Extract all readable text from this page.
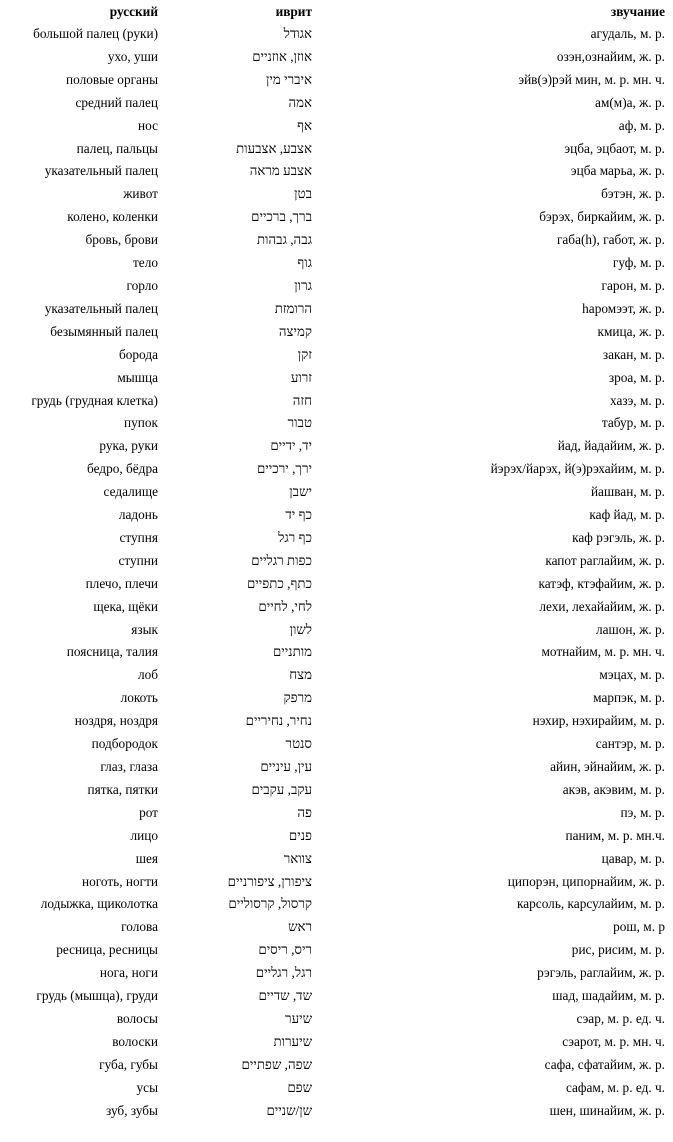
русский	иврит	звучание
большой палец (руки)	אגודל	агудаль, м. р.
ухо, уши	אוזן, אוזניים	озэн,ознайим, ж. р.
половые органы	איברי מין	эйв(э)рэй мин, м. р. мн. ч.
средний палец	אמה	ам(м)а, ж. р.
нос	אף	аф, м. р.
палец, пальцы	אצבע, אצבעות	эцба, эцбаот, м. р.
указательный палец	אצבע מראה	эцба марьа, ж. р.
живот	בטן	бэтэн, ж. р.
колено, коленки	ברך, ברכיים	бэрэх, биркайим, ж. р.
бровь, брови	גבה, גבהות	габа(h), габот, ж. р.
тело	גוף	гуф, м. р.
горло	גרון	гарон, м. р.
указательный палец	הרומזת	hаромээт, ж. р.
безымянный палец	קמיצה	кмица, ж. р.
борода	זקן	закан, м. р.
мышца	זרוע	зроа, м. р.
грудь (грудная клетка)	חזה	хазэ, м. р.
пупок	טבור	табур, м. р.
рука, руки	יד, ידיים	йад, йадайим, ж. р.
бедро, бёдра	ירך, ירכיים	йэрэх/йарэх, й(э)рэхайим, м. р.
седалище	ישבן	йашван, м. р.
ладонь	כף יד	каф йад, м. р.
ступня	כף רגל	каф рэгэль, ж. р.
ступни	כפות רגליים	капот раглайим, ж. р.
плечо, плечи	כתף, כתפיים	катэф, ктэфайим, ж. р.
щека, щёки	לחי, לחיים	лехи, лехайайим, ж. р.
язык	לשון	лашон, ж. р.
поясница, талия	מותניים	мотнайим, м. р. мн. ч.
лоб	מצח	мэцах, м. р.
локоть	מרפק	марпэк, м. р.
ноздря, ноздря	נחיר, נחיריים	нэхир, нэхирайим, м. р.
подбородок	סנטר	сантэр, м. р.
глаз, глаза	עין, עיניים	айин, эйнайим, ж. р.
пятка, пятки	עקב, עקבים	акэв, акэвим, м. р.
рот	פה	пэ, м. р.
лицо	פנים	паним, м. р. мн.ч.
шея	צוואר	цавар, м. р.
ноготь, ногти	ציפורן, ציפורניים	ципорэн, ципорнайим, ж. р.
лодыжка, щиколотка	קרסול, קרסוליים	карсоль, карсулайим, м. р.
голова	ראש	рош, м. р
ресница, ресницы	ריס, ריסים	рис, рисим, м. р.
нога, ноги	רגל, רגליים	рэгэль, раглайим, ж. р.
грудь (мышца), груди	שד, שדיים	шад, шадайим, м. р.
волосы	שיער	сэар, м. р. ед. ч.
волоски	שיערות	сэарот, м. р. мн. ч.
губа, губы	שפה, שפתיים	сафа, сфатайим, ж. р.
усы	שפם	сафам, м. р. ед. ч.
зуб, зубы	שן/שניים	шен, шинайим, ж. р.
